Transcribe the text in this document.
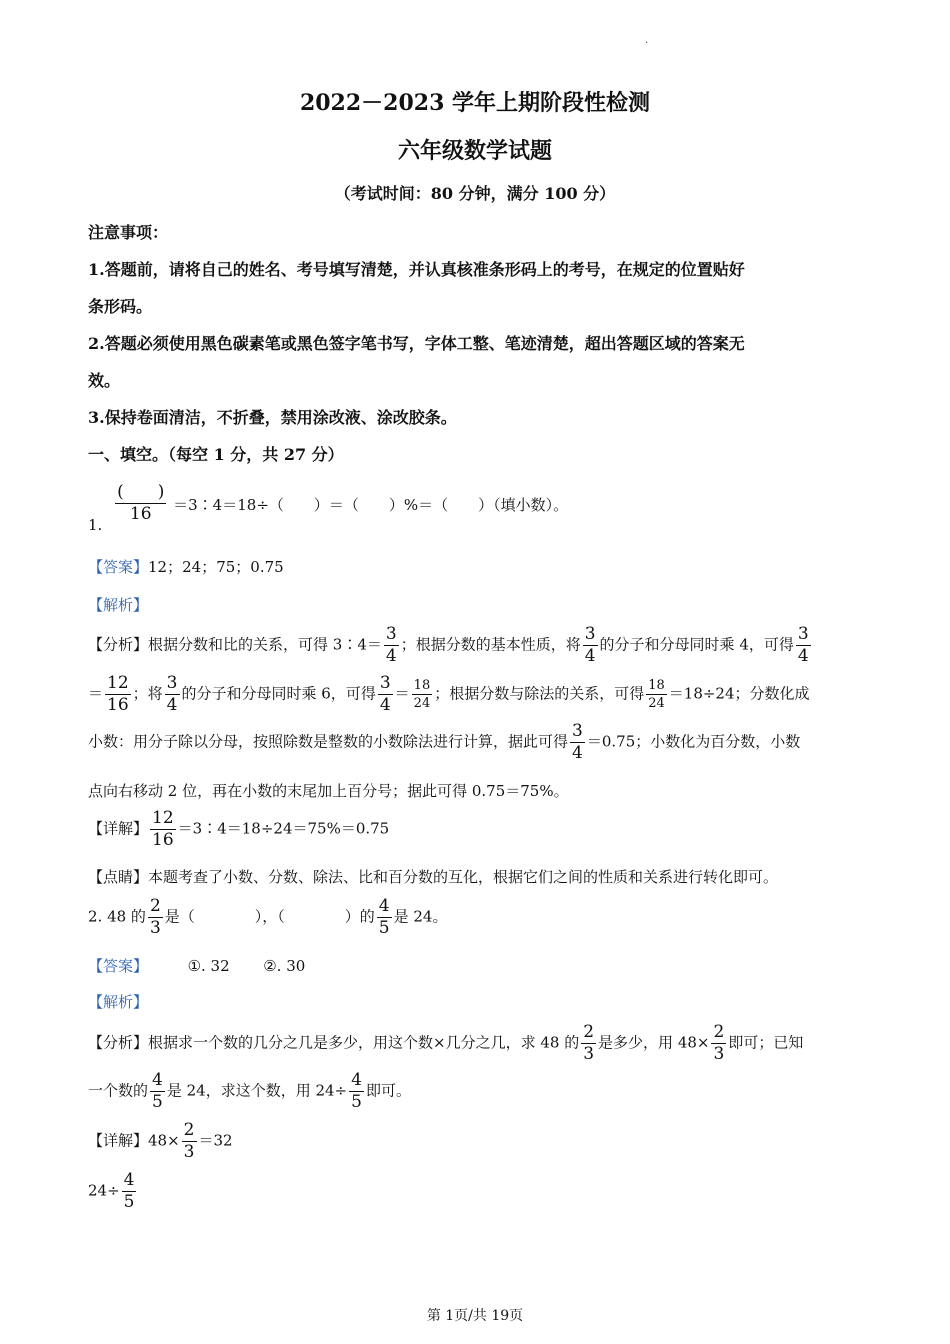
·
2022－2023 学年上期阶段性检测
六年级数学试题
（考试时间：80 分钟，满分 100 分）
注意事项：
1.答题前，请将自己的姓名、考号填写清楚，并认真核准条形码上的考号，在规定的位置贴好
条形码。
2.答题必须使用黑色碳素笔或黑色签字笔书写，字体工整、笔迹清楚，超出答题区域的答案无
效。
3.保持卷面清洁，不折叠，禁用涂改液、涂改胶条。
一、填空。（每空 1 分，共 27 分）
1.
$\frac{( )}{16}$ ＝3∶4＝18÷（　　）＝（　　）%＝（　　）（填小数）。
【答案】12；24；75；0.75
【解析】
【分析】根据分数和比的关系，可得 3∶4＝ $\frac{3}{4}$ ；根据分数的基本性质，将 $\frac{3}{4}$ 的分子和分母同时乘 4，可得 $\frac{3}{4}$
＝ $\frac{12}{16}$ ；将 $\frac{3}{4}$ 的分子和分母同时乘 6，可得 $\frac{3}{4} = \frac{18}{24}$ ；根据分数与除法的关系，可得 $\frac{18}{24} =18\div 24$；分数化成
小数：用分子除以分母，按照除数是整数的小数除法进行计算，据此可得 $\frac{3}{4} =0.75$；小数化为百分数，小数
点向右移动 2 位，再在小数的末尾加上百分号；据此可得 0.75＝75%。
【详解】 $\frac{12}{16}$ ＝3∶4＝18÷24＝75%＝0.75
【点睛】本题考查了小数、分数、除法、比和百分数的互化，根据它们之间的性质和关系进行转化即可。
2. 48 的 $\frac{2}{3}$ 是（　　　　），（　　　　）的 $\frac{4}{5}$ 是 24。
【答案】	①. 32 ②. 30
【解析】
【分析】根据求一个数的几分之几是多少，用这个数×几分之几，求 48 的 $\frac{2}{3}$ 是多少，用 $48\times \frac{2}{3}$ 即可；已知
一个数的 $\frac{4}{5}$ 是 24，求这个数，用 $24\div \frac{4}{5}$ 即可。
【详解】$48\times \frac{2}{3} =32$
$24\div \frac{4}{5}$
第 1页/共 19页
